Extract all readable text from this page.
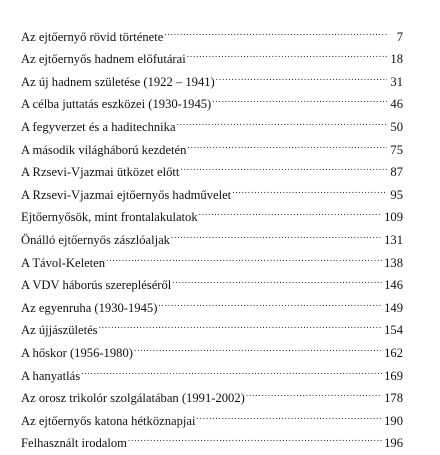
Az ejtőernyő rövid története .....	7
Az ejtőernyős hadnem előfutárai .....	18
Az új hadnem születése (1922 – 1941) .....	31
A célba juttatás eszközei (1930-1945) .....	46
A fegyverzet és a haditechnika .....	50
A második világháború kezdetén .....	75
A Rzsevi-Vjazmai ütközet előtt .....	87
A Rzsevi-Vjazmai ejtőernyős hadművelet .....	95
Ejtőernyősök, mint frontalakulatok .....	109
Önálló ejtőernyős zászlóaljak .....	131
A Távol-Keleten .....	138
A VDV háborús szerepléséről .....	146
Az egyenruha (1930-1945) .....	149
Az újjászületés .....	154
A hőskor (1956-1980) .....	162
A hanyatlás .....	169
Az orosz trikolór szolgálatában (1991-2002) .....	178
Az ejtőernyős katona hétköznapjai .....	190
Felhasznált irodalom .....	196
